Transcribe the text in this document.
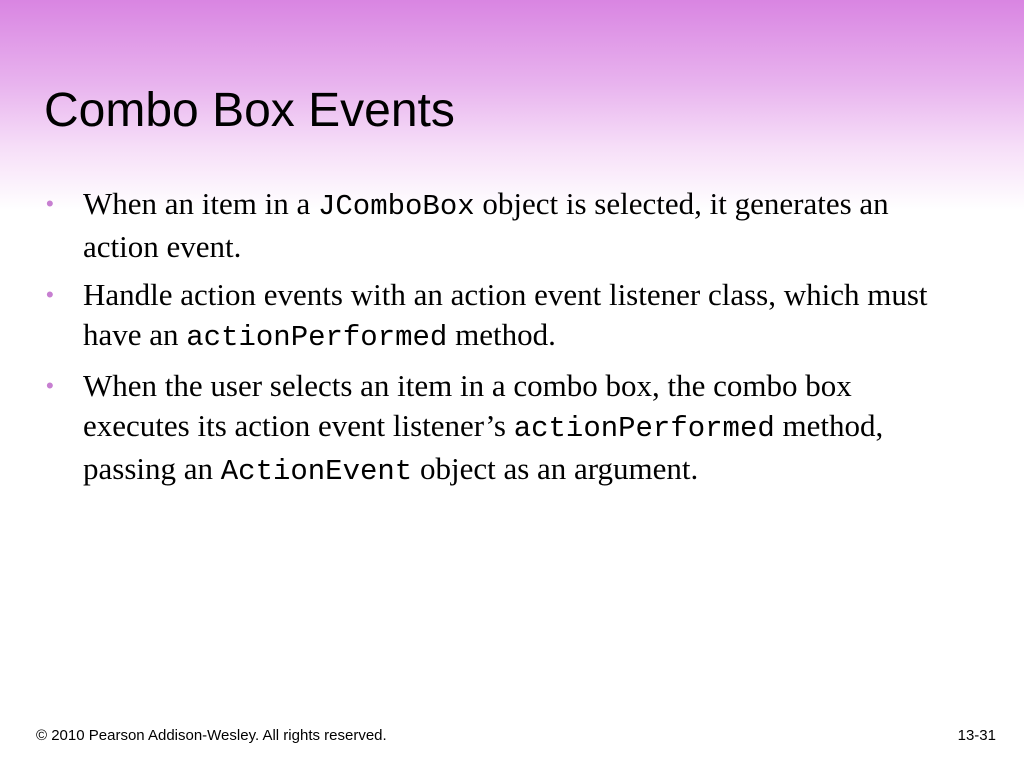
Combo Box Events
• When an item in a JComboBox object is selected, it generates an action event.
• Handle action events with an action event listener class, which must have an actionPerformed method.
• When the user selects an item in a combo box, the combo box executes its action event listener’s actionPerformed method, passing an ActionEvent object as an argument.
© 2010 Pearson Addison-Wesley. All rights reserved.	13-31
